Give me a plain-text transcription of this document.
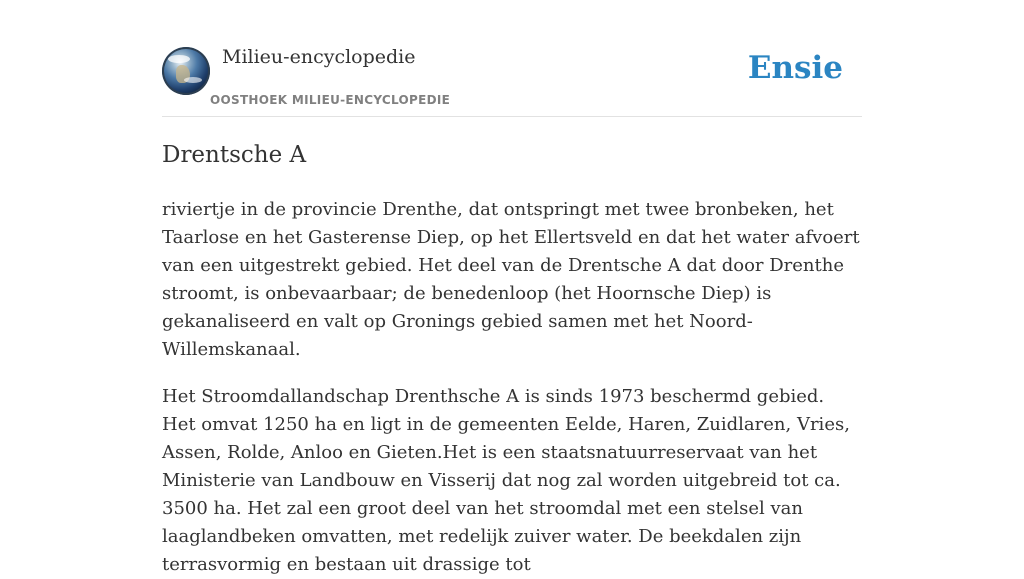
Milieu-encyclopedie
OOSTHOEK MILIEU-ENCYCLOPEDIE
Ensie
Drentsche A

riviertje in de provincie Drenthe, dat ontspringt met twee bronbeken, het Taarlose en het Gasterense Diep, op het Ellertsveld en dat het water afvoert van een uitgestrekt gebied. Het deel van de Drentsche A dat door Drenthe stroomt, is onbevaarbaar; de benedenloop (het Hoornsche Diep) is gekanaliseerd en valt op Gronings gebied samen met het Noord-Willemskanaal.

Het Stroomdallandschap Drenthsche A is sinds 1973 beschermd gebied. Het omvat 1250 ha en ligt in de gemeenten Eelde, Haren, Zuidlaren, Vries, Assen, Rolde, Anloo en Gieten.Het is een staatsnatuurreservaat van het Ministerie van Landbouw en Visserij dat nog zal worden uitgebreid tot ca. 3500 ha. Het zal een groot deel van het stroomdal met een stelsel van laaglandbeken omvatten, met redelijk zuiver water. De beekdalen zijn terrasvormig en bestaan uit drassige tot
